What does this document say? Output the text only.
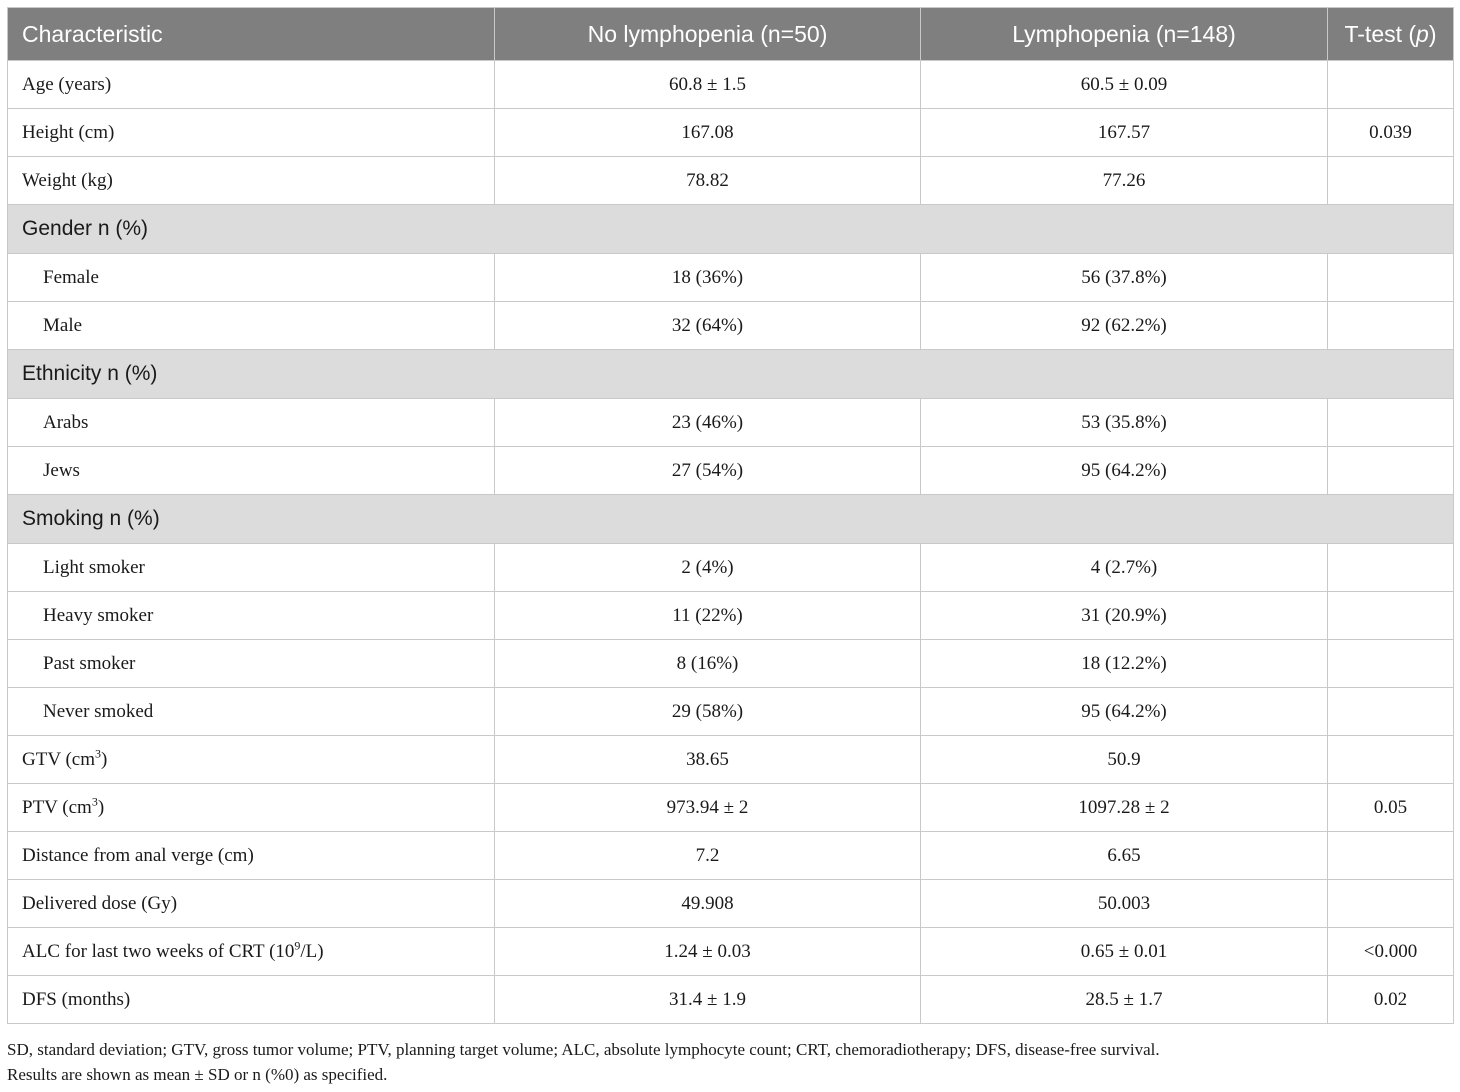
Characteristic	No lymphopenia (n=50)	Lymphopenia (n=148)	T-test (p)
Age (years)	60.8 ± 1.5	60.5 ± 0.09	
Height (cm)	167.08	167.57	0.039
Weight (kg)	78.82	77.26	
Gender n (%)			
Female	18 (36%)	56 (37.8%)	
Male	32 (64%)	92 (62.2%)	
Ethnicity n (%)			
Arabs	23 (46%)	53 (35.8%)	
Jews	27 (54%)	95 (64.2%)	
Smoking n (%)			
Light smoker	2 (4%)	4 (2.7%)	
Heavy smoker	11 (22%)	31 (20.9%)	
Past smoker	8 (16%)	18 (12.2%)	
Never smoked	29 (58%)	95 (64.2%)	
GTV $(cm^3)$	38.65	50.9	
PTV $(cm^3)$	973.94 ± 2	1097.28 ± 2	0.05
Distance from anal verge (cm)	7.2	6.65	
Delivered dose (Gy)	49.908	50.003	
ALC for last two weeks of CRT $(10^9/L)$	1.24 ± 0.03	0.65 ± 0.01	<0.000
DFS (months)	31.4 ± 1.9	28.5 ± 1.7	0.02
SD, standard deviation; GTV, gross tumor volume; PTV, planning target volume; ALC, absolute lymphocyte count; CRT, chemoradiotherapy; DFS, disease-free survival.
Results are shown as mean ± SD or n (%0) as specified.
